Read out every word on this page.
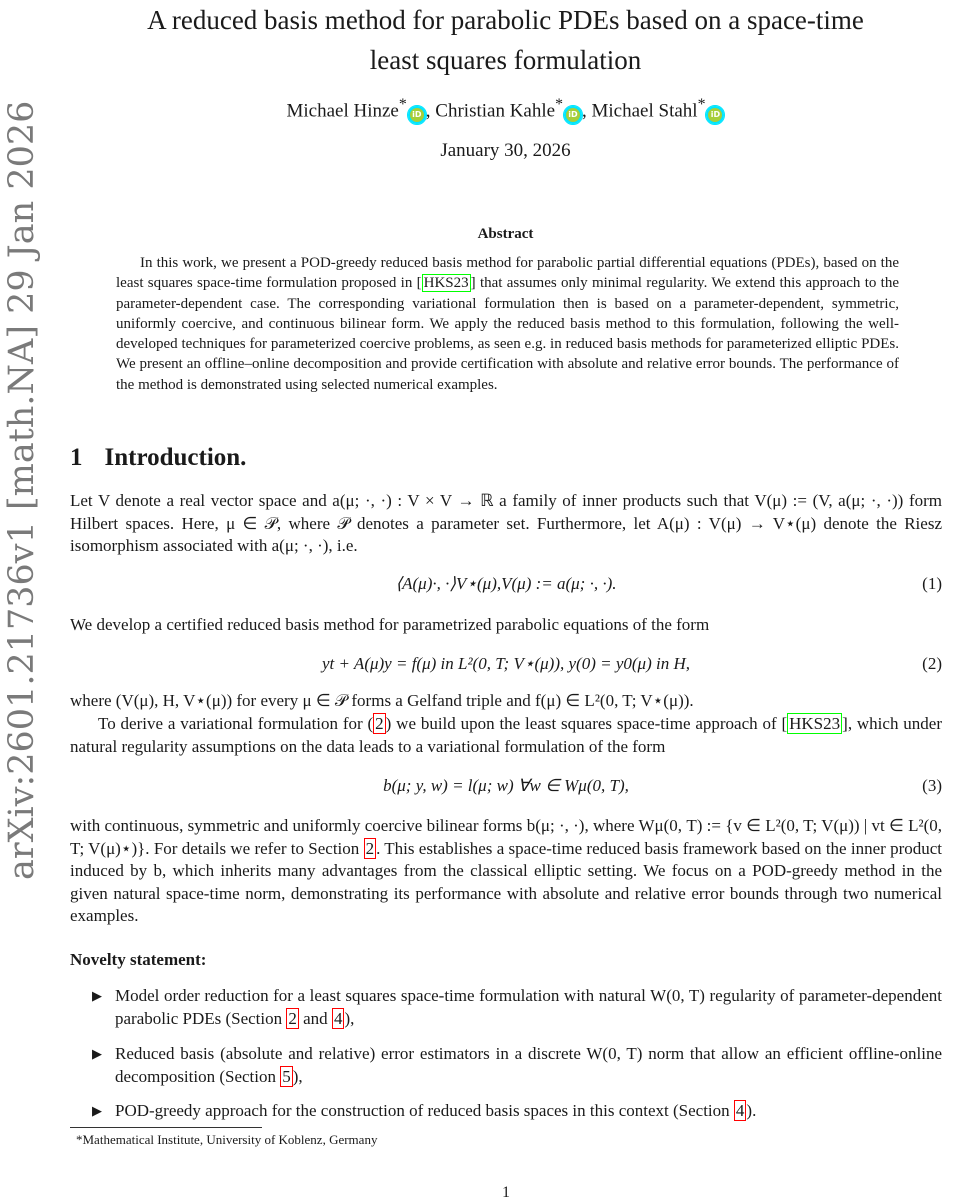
arXiv:2601.21736v1 [math.NA] 29 Jan 2026
A reduced basis method for parabolic PDEs based on a space-time
least squares formulation
Michael Hinze*iD , Christian Kahle*iD , Michael Stahl*iD
January 30, 2026
Abstract
In this work, we present a POD-greedy reduced basis method for parabolic partial differential equations (PDEs), based on the least squares space-time formulation proposed in [ HKS23 ] that assumes only minimal regularity. We extend this approach to the parameter-dependent case. The corresponding variational formulation then is based on a parameter-dependent, symmetric, uniformly coercive, and continuous bilinear form. We apply the reduced basis method to this formulation, following the well-developed techniques for parameterized coercive problems, as seen e.g. in reduced basis methods for parameterized elliptic PDEs. We present an offline–online decomposition and provide certification with absolute and relative error bounds. The performance of the method is demonstrated using selected numerical examples.
1 Introduction.
Let V denote a real vector space and a(μ; ·, ·) : V × V → ℝ a family of inner products such that V(μ) := (V, a(μ; ·, ·)) form Hilbert spaces. Here, μ ∈ 𝒫, where 𝒫 denotes a parameter set. Furthermore, let A(μ) : V(μ) → V⋆(μ) denote the Riesz isomorphism associated with a(μ; ·, ·), i.e.
⟨A(μ)·, ·⟩V⋆(μ),V(μ) := a(μ; ·, ·).	(1)
We develop a certified reduced basis method for parametrized parabolic equations of the form
yt + A(μ)y = f(μ) in L²(0, T; V⋆(μ)), y(0) = y0(μ) in H,	(2)
where (V(μ), H, V⋆(μ)) for every μ ∈ 𝒫 forms a Gelfand triple and f(μ) ∈ L²(0, T; V⋆(μ)).
To derive a variational formulation for ( 2 ) we build upon the least squares space-time approach of [ HKS23 ], which under natural regularity assumptions on the data leads to a variational formulation of the form
b(μ; y, w) = l(μ; w) ∀w ∈ Wμ(0, T),	(3)
with continuous, symmetric and uniformly coercive bilinear forms b(μ; ·, ·), where Wμ(0, T) := {v ∈ L²(0, T; V(μ)) | vt ∈ L²(0, T; V(μ)⋆)}. For details we refer to Section 2 . This establishes a space-time reduced basis framework based on the inner product induced by b, which inherits many advantages from the classical elliptic setting. We focus on a POD-greedy method in the given natural space-time norm, demonstrating its performance with absolute and relative error bounds through two numerical examples.
Novelty statement:
▶ Model order reduction for a least squares space-time formulation with natural W(0, T) regularity of parameter-dependent parabolic PDEs (Section 2 and 4 ),
▶ Reduced basis (absolute and relative) error estimators in a discrete W(0, T) norm that allow an efficient offline-online decomposition (Section 5 ),
▶ POD-greedy approach for the construction of reduced basis spaces in this context (Section 4 ).
*Mathematical Institute, University of Koblenz, Germany
1
